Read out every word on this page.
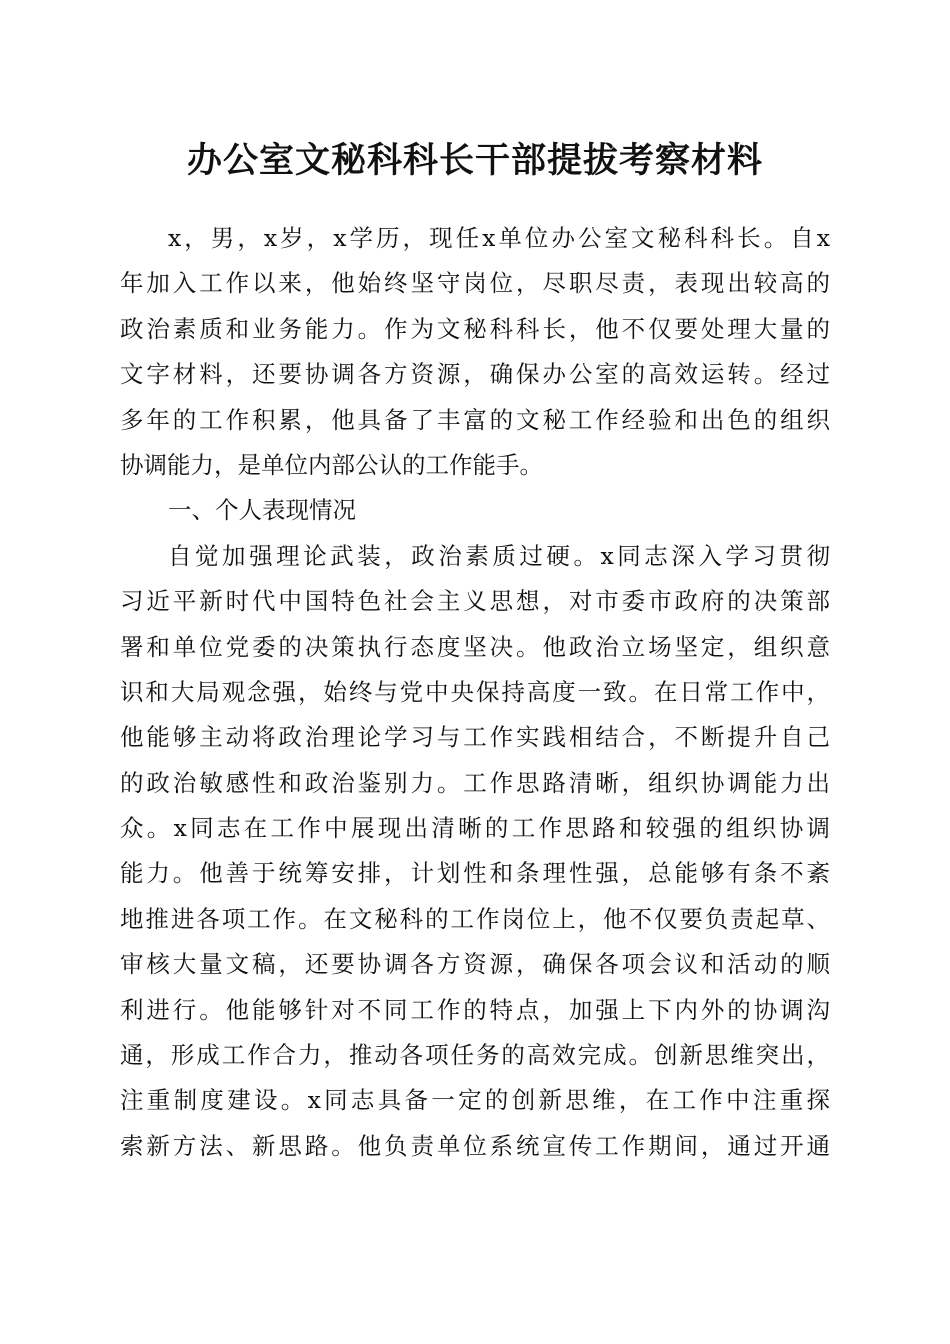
办公室文秘科科长干部提拔考察材料
x，男，x岁，x学历，现任x单位办公室文秘科科长。自x
年加入工作以来，他始终坚守岗位，尽职尽责，表现出较高的
政治素质和业务能力。作为文秘科科长，他不仅要处理大量的
文字材料，还要协调各方资源，确保办公室的高效运转。经过
多年的工作积累，他具备了丰富的文秘工作经验和出色的组织
协调能力，是单位内部公认的工作能手。
一、个人表现情况
自觉加强理论武装，政治素质过硬。x同志深入学习贯彻
习近平新时代中国特色社会主义思想，对市委市政府的决策部
署和单位党委的决策执行态度坚决。他政治立场坚定，组织意
识和大局观念强，始终与党中央保持高度一致。在日常工作中，
他能够主动将政治理论学习与工作实践相结合，不断提升自己
的政治敏感性和政治鉴别力。工作思路清晰，组织协调能力出
众。x同志在工作中展现出清晰的工作思路和较强的组织协调
能力。他善于统筹安排，计划性和条理性强，总能够有条不紊
地推进各项工作。在文秘科的工作岗位上，他不仅要负责起草、
审核大量文稿，还要协调各方资源，确保各项会议和活动的顺
利进行。他能够针对不同工作的特点，加强上下内外的协调沟
通，形成工作合力，推动各项任务的高效完成。创新思维突出，
注重制度建设。x同志具备一定的创新思维，在工作中注重探
索新方法、新思路。他负责单位系统宣传工作期间，通过开通
